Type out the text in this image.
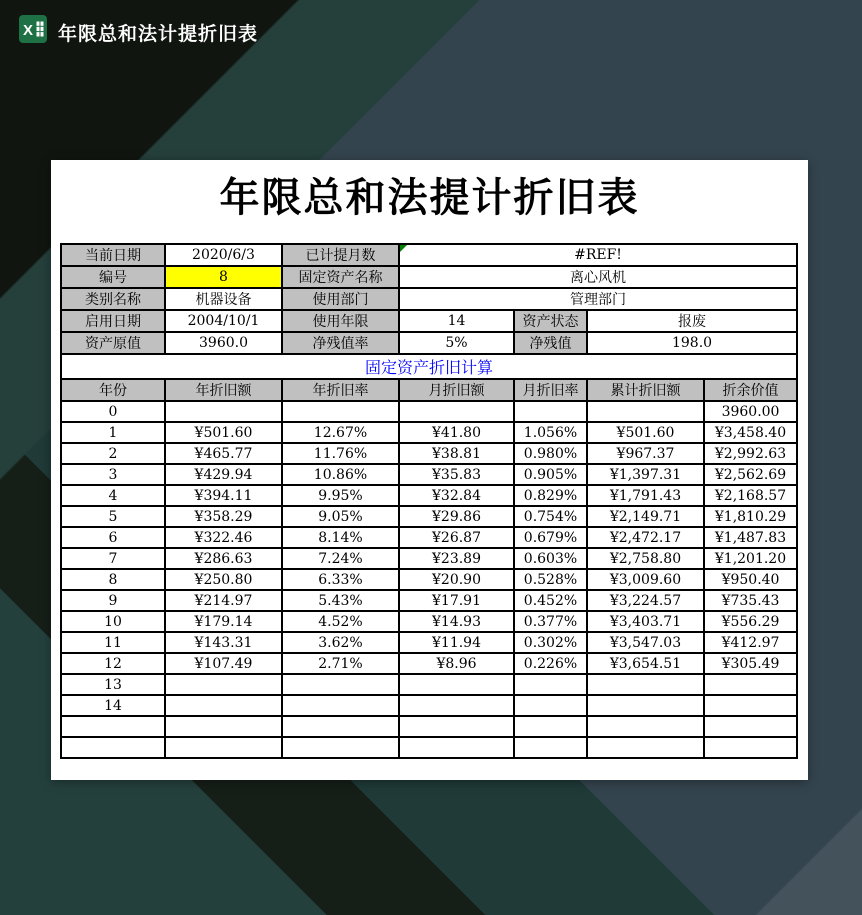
X 年限总和法计提折旧表
年限总和法提计折旧表
当前日期	2020/6/3	已计提月数	#REF!			
编号	8	固定资产名称	离心风机			
类别名称	机器设备	使用部门	管理部门			
启用日期	2004/10/1	使用年限	14	资产状态	报废	
资产原值	3960.0	净残值率	5%	净残值	198.0	
固定资产折旧计算						
年份	年折旧额	年折旧率	月折旧额	月折旧率	累计折旧额	折余价值
0						3960.00
1	¥501.60	12.67%	¥41.80	1.056%	¥501.60	¥3,458.40
2	¥465.77	11.76%	¥38.81	0.980%	¥967.37	¥2,992.63
3	¥429.94	10.86%	¥35.83	0.905%	¥1,397.31	¥2,562.69
4	¥394.11	9.95%	¥32.84	0.829%	¥1,791.43	¥2,168.57
5	¥358.29	9.05%	¥29.86	0.754%	¥2,149.71	¥1,810.29
6	¥322.46	8.14%	¥26.87	0.679%	¥2,472.17	¥1,487.83
7	¥286.63	7.24%	¥23.89	0.603%	¥2,758.80	¥1,201.20
8	¥250.80	6.33%	¥20.90	0.528%	¥3,009.60	¥950.40
9	¥214.97	5.43%	¥17.91	0.452%	¥3,224.57	¥735.43
10	¥179.14	4.52%	¥14.93	0.377%	¥3,403.71	¥556.29
11	¥143.31	3.62%	¥11.94	0.302%	¥3,547.03	¥412.97
12	¥107.49	2.71%	¥8.96	0.226%	¥3,654.51	¥305.49
13						
14						
